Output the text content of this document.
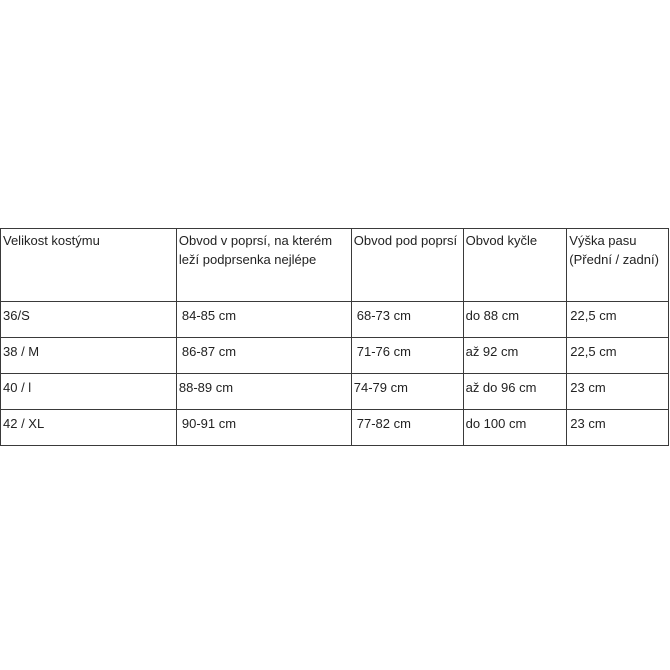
Velikost kostýmu	Obvod v poprsí, na kterém leží podprsenka nejlépe	Obvod pod poprsí	Obvod kyčle	Výška pasu (Přední / zadní)
36/S	84-85 cm	68-73 cm	do 88 cm	22,5 cm
38 / M	86-87 cm	71-76 cm	až 92 cm	22,5 cm
40 / l	88-89 cm	74-79 cm	až do 96 cm	23 cm
42 / XL	90-91 cm	77-82 cm	do 100 cm	23 cm
